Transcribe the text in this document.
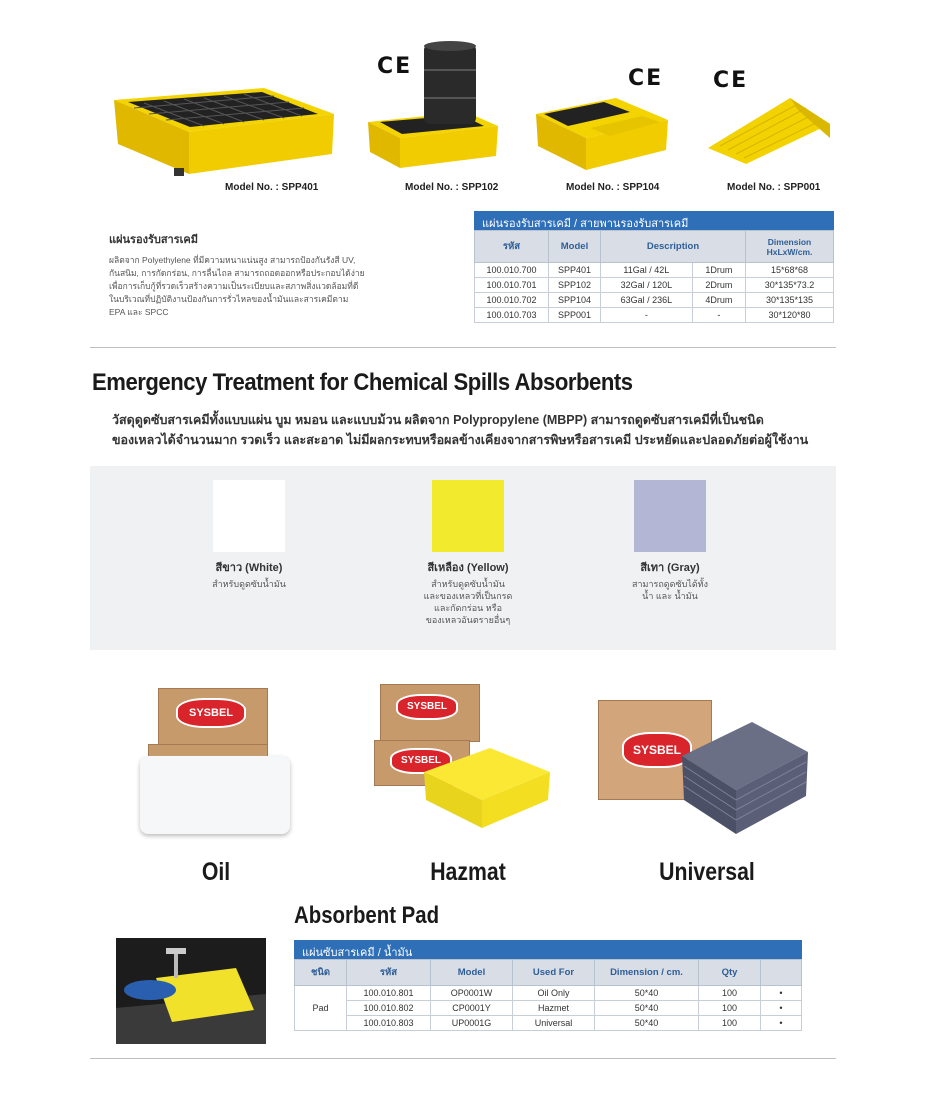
CE	CE CE
Model No. : SPP401	Model No. : SPP102	Model No. : SPP104	Model No. : SPP001
แผ่นรองรับสารเคมี
ผลิตจาก Polyethylene ที่มีความหนาแน่นสูง สามารถป้องกันรังสี UV,
กันสนิม, การกัดกร่อน, การลื่นไถล สามารถถอดออกหรือประกอบได้ง่าย
เพื่อการเก็บกู้ที่รวดเร็วสร้างความเป็นระเบียบและสภาพสิ่งแวดล้อมที่ดี
ในบริเวณที่ปฏิบัติงานป้องกันการรั่วไหลของน้ำมันและสารเคมีตาม
EPA และ SPCC
แผ่นรองรับสารเคมี / สายพานรองรับสารเคมี
รหัส	Model	Description		Dimension HxLxW/cm.
100.010.700	SPP401	11Gal / 42L	1Drum	15*68*68
100.010.701	SPP102	32Gal / 120L	2Drum	30*135*73.2
100.010.702	SPP104	63Gal / 236L	4Drum	30*135*135
100.010.703	SPP001	-	-	30*120*80
Emergency Treatment for Chemical Spills Absorbents
วัสดุดูดซับสารเคมีทั้งแบบแผ่น บูม หมอน และแบบม้วน ผลิตจาก Polypropylene (MBPP) สามารถดูดซับสารเคมีที่เป็นชนิด
ของเหลวได้จำนวนมาก รวดเร็ว และสะอาด ไม่มีผลกระทบหรือผลข้างเคียงจากสารพิษหรือสารเคมี ประหยัดและปลอดภัยต่อผู้ใช้งาน
สีขาว (White)
สำหรับดูดซับน้ำมัน
สีเหลือง (Yellow)
สำหรับดูดซับน้ำมัน
และของเหลวที่เป็นกรด
และกัดกร่อน หรือ
ของเหลวอันตรายอื่นๆ
สีเทา (Gray)
สามารถดูดซับได้ทั้ง
น้ำ และ น้ำมัน
SYSBEL
SYSBEL
SYSBEL
SYSBEL
Oil	Hazmat	Universal
Absorbent Pad
แผ่นซับสารเคมี / น้ำมัน
ชนิด	รหัส	Model	Used For	Dimension / cm.	Qty	
Pad	100.010.801	OP0001W	Oil Only	50*40	100	•
	100.010.802	CP0001Y	Hazmet	50*40	100	•
	100.010.803	UP0001G	Universal	50*40	100	•
